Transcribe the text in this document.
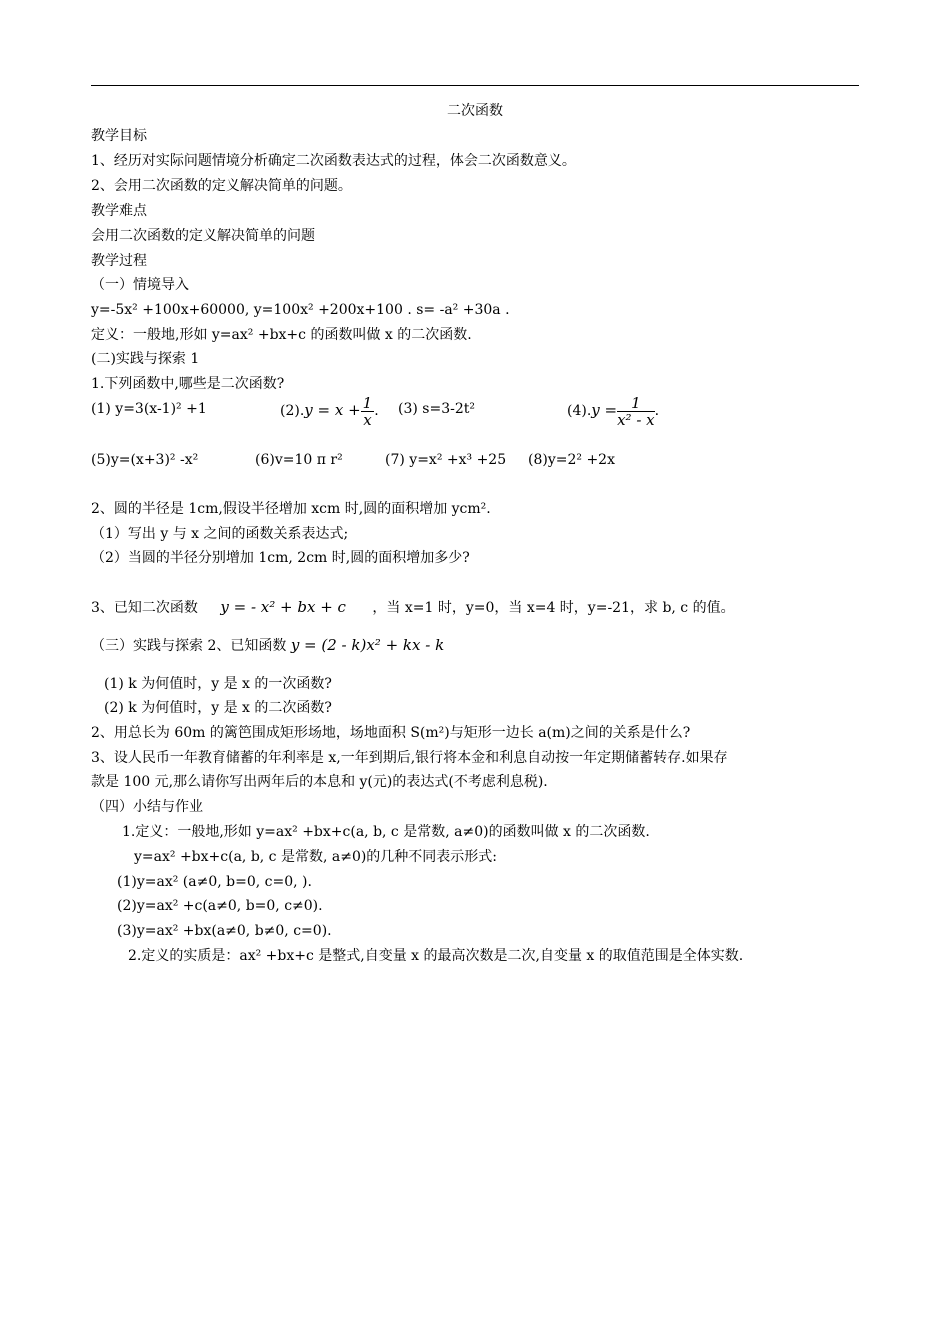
二次函数
教学目标
1、经历对实际问题情境分析确定二次函数表达式的过程，体会二次函数意义。
2、会用二次函数的定义解决简单的问题。
教学难点
会用二次函数的定义解决简单的问题
教学过程
（一）情境导入
y=-5x² +100x+60000, y=100x² +200x+100 . s= -a² +30a .
定义：一般地,形如 y=ax² +bx+c 的函数叫做 x 的二次函数.
(二)实践与探索 1
1.下列函数中,哪些是二次函数?
(1) y=3(x-1)² +1	$(2).y = x + \frac{1}{x}$ . (3) s=3-2t²	$(4).y = \frac{1}{\text{x² - x}}$ .
(5)y=(x+3)² -x²	(6)v=10 π r²	(7) y=x² +x³ +25 (8)y=2² +2x
2、圆的半径是 1cm,假设半径增加 xcm 时,圆的面积增加 ycm².
（1）写出 y 与 x 之间的函数关系表达式;
（2）当圆的半径分别增加 1cm, 2cm 时,圆的面积增加多少?
3、已知二次函数 y = - x² + bx + c ，当 x=1 时，y=0，当 x=4 时，y=-21，求 b, c 的值。
（三）实践与探索 2、已知函数 y = (2 - k)x² + kx - k
(1) k 为何值时，y 是 x 的一次函数?
(2) k 为何值时，y 是 x 的二次函数?
2、用总长为 60m 的篱笆围成矩形场地，场地面积 S(m²)与矩形一边长 a(m)之间的关系是什么?
3、设人民币一年教育储蓄的年利率是 x,一年到期后,银行将本金和利息自动按一年定期储蓄转存.如果存
款是 100 元,那么请你写出两年后的本息和 y(元)的表达式(不考虑利息税).
（四）小结与作业
1.定义：一般地,形如 y=ax² +bx+c(a, b, c 是常数, a≠0)的函数叫做 x 的二次函数.
y=ax² +bx+c(a, b, c 是常数, a≠0)的几种不同表示形式:
(1)y=ax² (a≠0, b=0, c=0, ).
(2)y=ax² +c(a≠0, b=0, c≠0).
(3)y=ax² +bx(a≠0, b≠0, c=0).
2.定义的实质是：ax² +bx+c 是整式,自变量 x 的最高次数是二次,自变量 x 的取值范围是全体实数.
